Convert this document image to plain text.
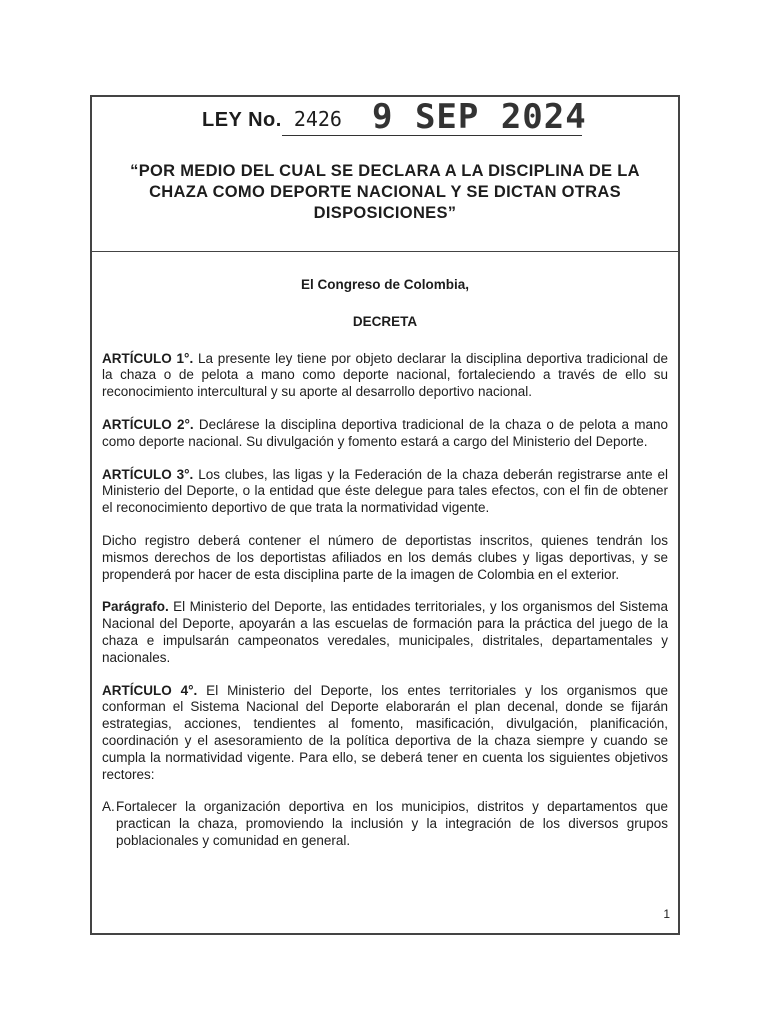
LEY No. 2426 9 SEP 2024
“POR MEDIO DEL CUAL SE DECLARA A LA DISCIPLINA DE LA CHAZA COMO DEPORTE NACIONAL Y SE DICTAN OTRAS DISPOSICIONES”

El Congreso de Colombia,

DECRETA

ARTÍCULO 1°. La presente ley tiene por objeto declarar la disciplina deportiva tradicional de la chaza o de pelota a mano como deporte nacional, fortaleciendo a través de ello su reconocimiento intercultural y su aporte al desarrollo deportivo nacional.

ARTÍCULO 2°. Declárese la disciplina deportiva tradicional de la chaza o de pelota a mano como deporte nacional. Su divulgación y fomento estará a cargo del Ministerio del Deporte.

ARTÍCULO 3°. Los clubes, las ligas y la Federación de la chaza deberán registrarse ante el Ministerio del Deporte, o la entidad que éste delegue para tales efectos, con el fin de obtener el reconocimiento deportivo de que trata la normatividad vigente.

Dicho registro deberá contener el número de deportistas inscritos, quienes tendrán los mismos derechos de los deportistas afiliados en los demás clubes y ligas deportivas, y se propenderá por hacer de esta disciplina parte de la imagen de Colombia en el exterior.

Parágrafo. El Ministerio del Deporte, las entidades territoriales, y los organismos del Sistema Nacional del Deporte, apoyarán a las escuelas de formación para la práctica del juego de la chaza e impulsarán campeonatos veredales, municipales, distritales, departamentales y nacionales.

ARTÍCULO 4°. El Ministerio del Deporte, los entes territoriales y los organismos que conforman el Sistema Nacional del Deporte elaborarán el plan decenal, donde se fijarán estrategias, acciones, tendientes al fomento, masificación, divulgación, planificación, coordinación y el asesoramiento de la política deportiva de la chaza siempre y cuando se cumpla la normatividad vigente. Para ello, se deberá tener en cuenta los siguientes objetivos rectores:

A. Fortalecer la organización deportiva en los municipios, distritos y departamentos que practican la chaza, promoviendo la inclusión y la integración de los diversos grupos poblacionales y comunidad en general.
1
